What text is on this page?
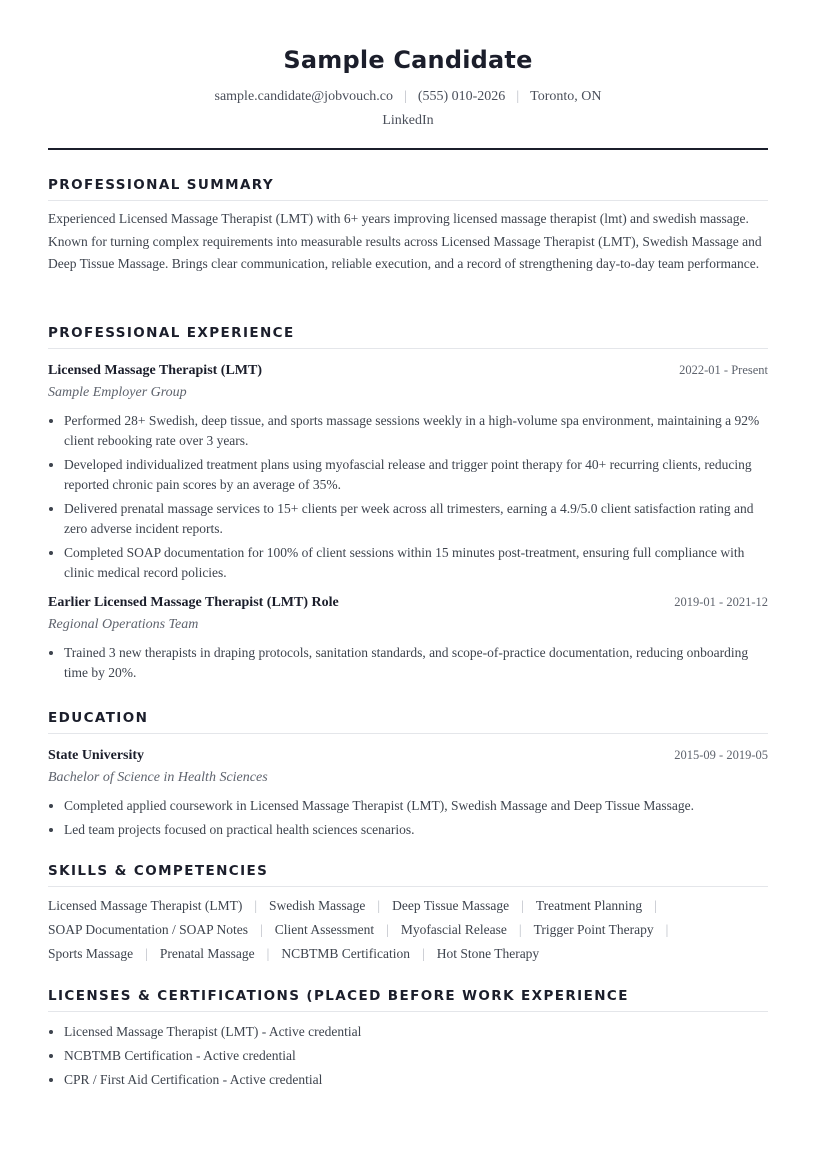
Sample Candidate
sample.candidate@jobvouch.co | (555) 010-2026 | Toronto, ON
LinkedIn
PROFESSIONAL SUMMARY

Experienced Licensed Massage Therapist (LMT) with 6+ years improving licensed massage therapist (lmt) and swedish massage. Known for turning complex requirements into measurable results across Licensed Massage Therapist (LMT), Swedish Massage and Deep Tissue Massage. Brings clear communication, reliable execution, and a record of strengthening day-to-day team performance.

PROFESSIONAL EXPERIENCE
Licensed Massage Therapist (LMT)	2022-01 - Present
Sample Employer Group
Performed 28+ Swedish, deep tissue, and sports massage sessions weekly in a high-volume spa environment, maintaining a 92% client rebooking rate over 3 years.
Developed individualized treatment plans using myofascial release and trigger point therapy for 40+ recurring clients, reducing reported chronic pain scores by an average of 35%.
Delivered prenatal massage services to 15+ clients per week across all trimesters, earning a 4.9/5.0 client satisfaction rating and zero adverse incident reports.
Completed SOAP documentation for 100% of client sessions within 15 minutes post-treatment, ensuring full compliance with clinic medical record policies.
Earlier Licensed Massage Therapist (LMT) Role	2019-01 - 2021-12
Regional Operations Team
Trained 3 new therapists in draping protocols, sanitation standards, and scope-of-practice documentation, reducing onboarding time by 20%.
EDUCATION
State University	2015-09 - 2019-05
Bachelor of Science in Health Sciences
Completed applied coursework in Licensed Massage Therapist (LMT), Swedish Massage and Deep Tissue Massage.
Led team projects focused on practical health sciences scenarios.
SKILLS & COMPETENCIES
Licensed Massage Therapist (LMT) | Swedish Massage | Deep Tissue Massage | Treatment Planning |
SOAP Documentation / SOAP Notes | Client Assessment | Myofascial Release | Trigger Point Therapy |
Sports Massage | Prenatal Massage | NCBTMB Certification | Hot Stone Therapy
LICENSES & CERTIFICATIONS (PLACED BEFORE WORK EXPERIENCE
Licensed Massage Therapist (LMT) - Active credential
NCBTMB Certification - Active credential
CPR / First Aid Certification - Active credential
